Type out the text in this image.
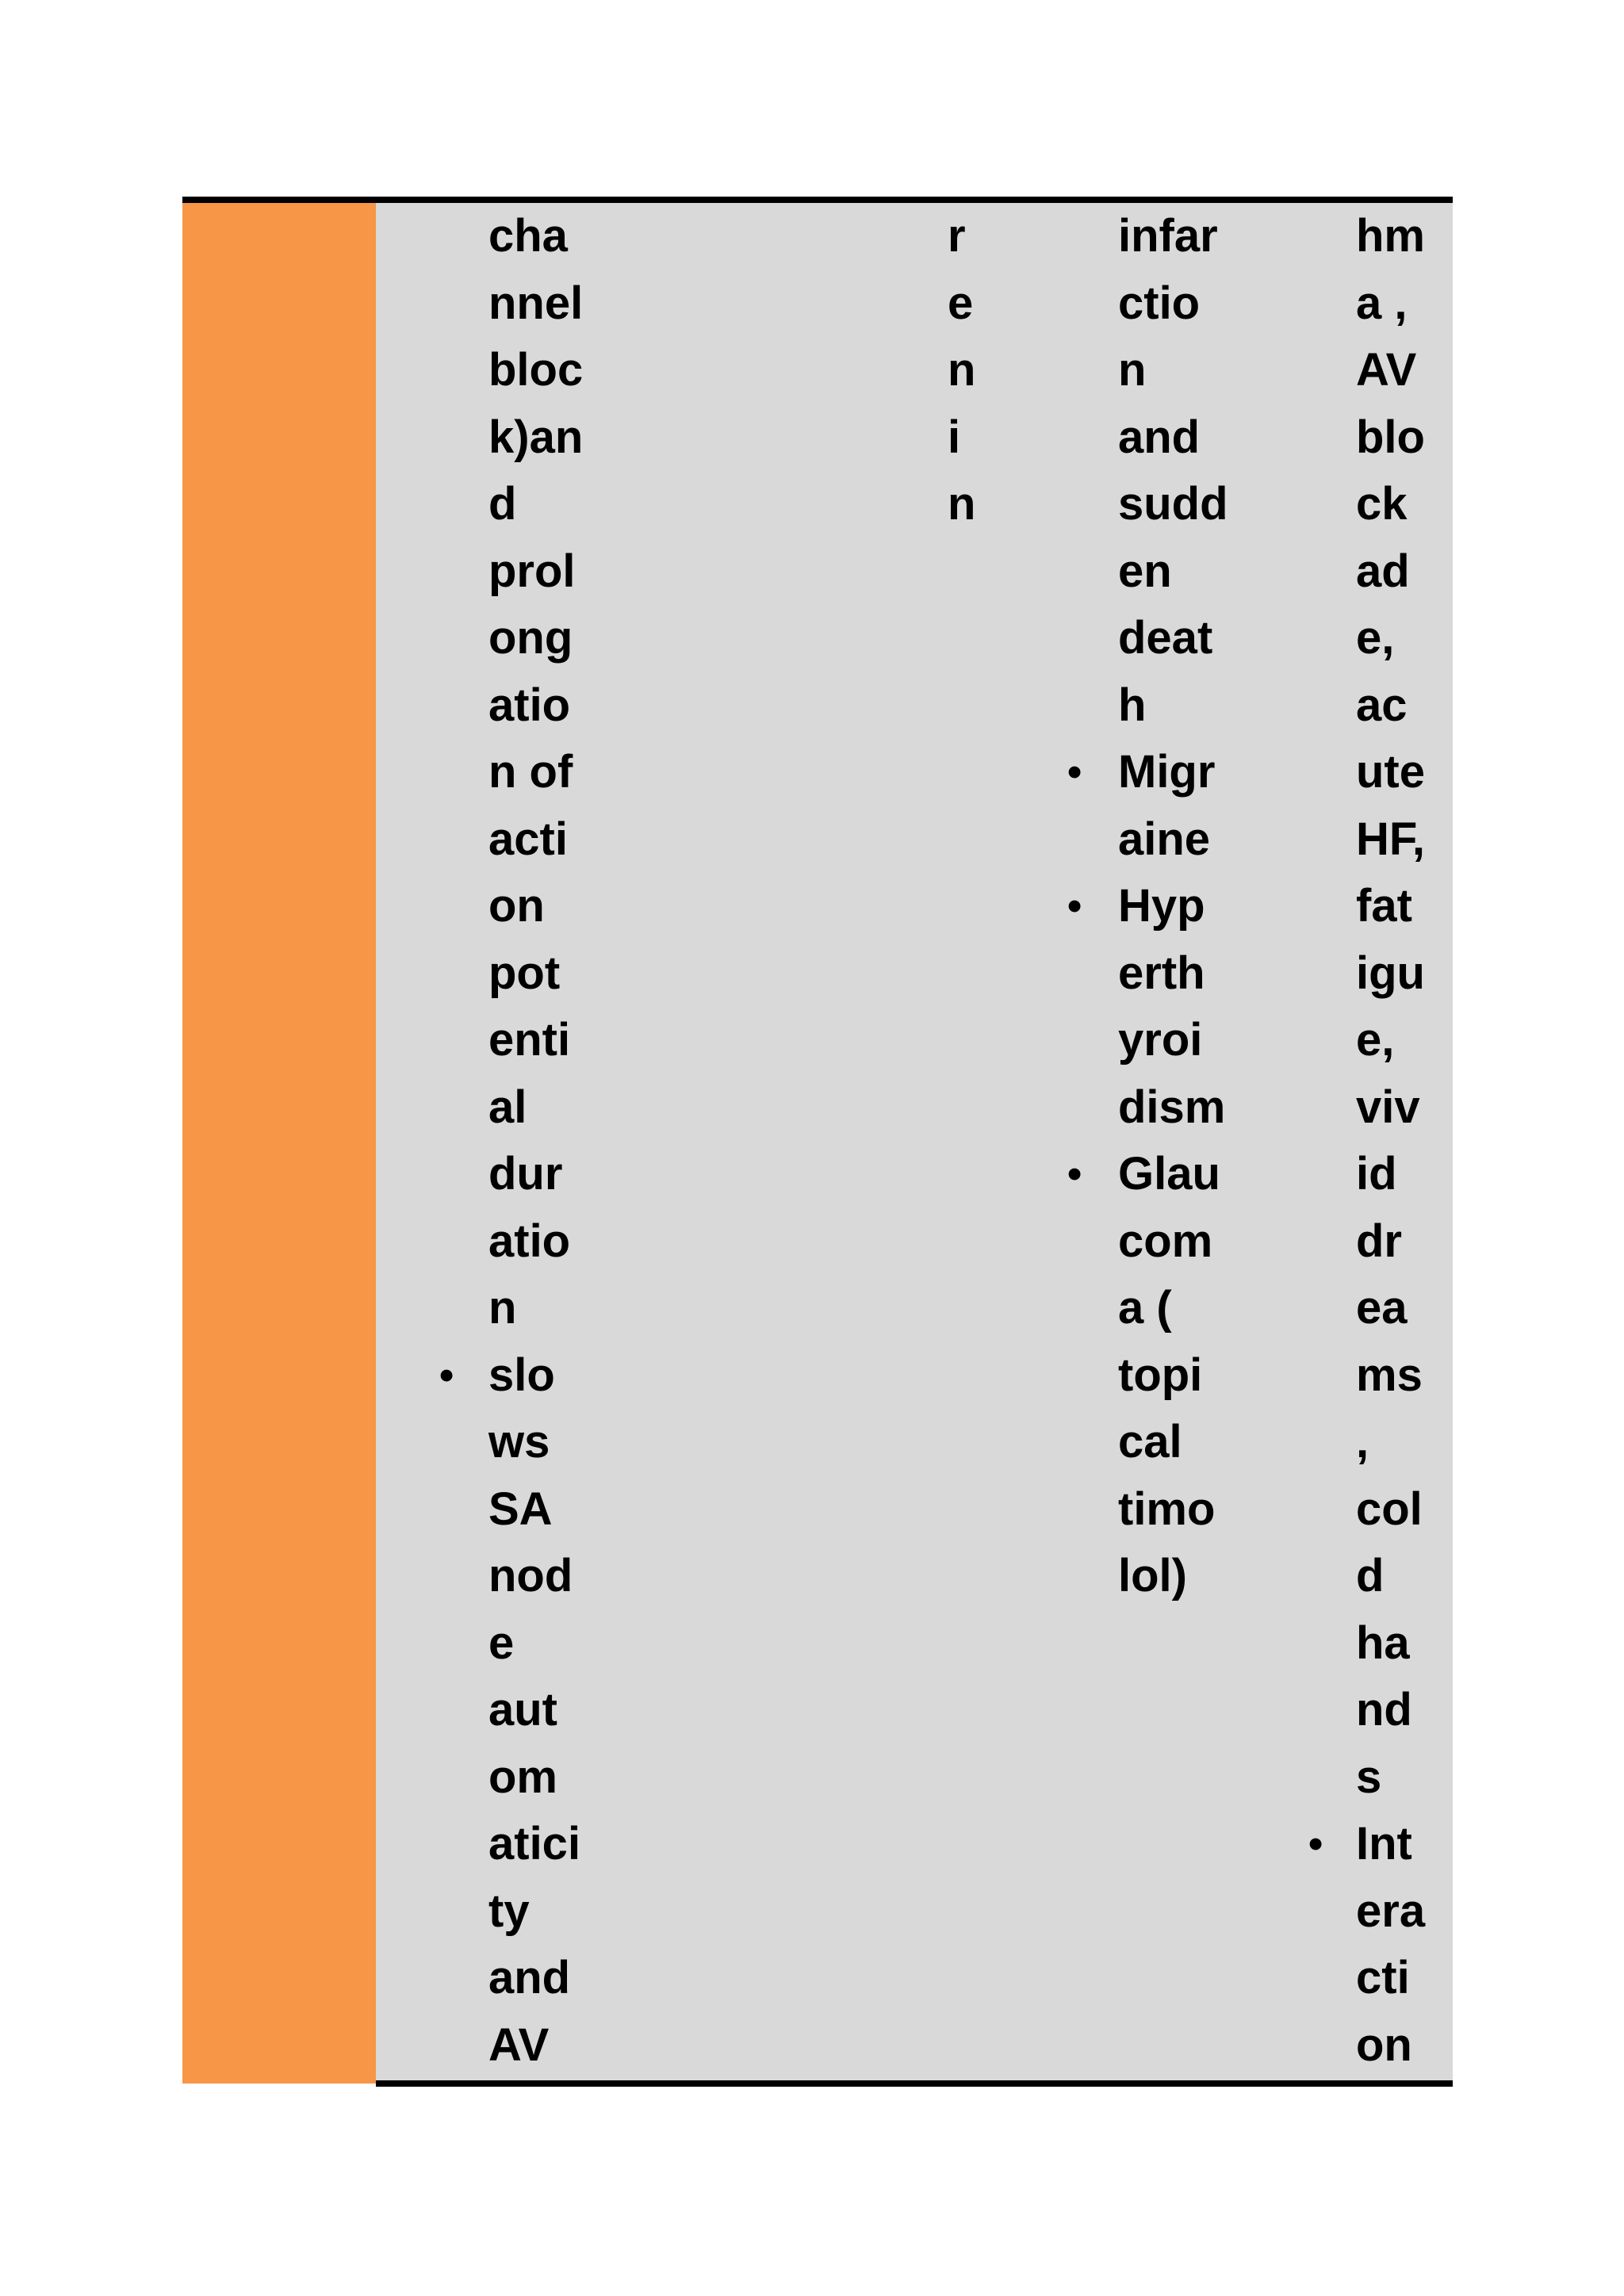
cha
nnel
bloc
k)an
d
prol
ong
atio
n of
acti
on
pot
enti
al
dur
atio
n
• slo
ws
SA
nod
e
aut
om
atici
ty
and
AV
r
e
n
i
n
infar
ctio
n
and
sudd
en
deat
h
• Migr
aine
• Hyp
erth
yroi
dism
• Glau
com
a (
topi
cal
timo
lol)
hm
a ,
AV
blo
ck
ad
e,
ac
ute
HF,
fat
igu
e,
viv
id
dr
ea
ms
,
col
d
ha
nd
s
• Int
era
cti
on
